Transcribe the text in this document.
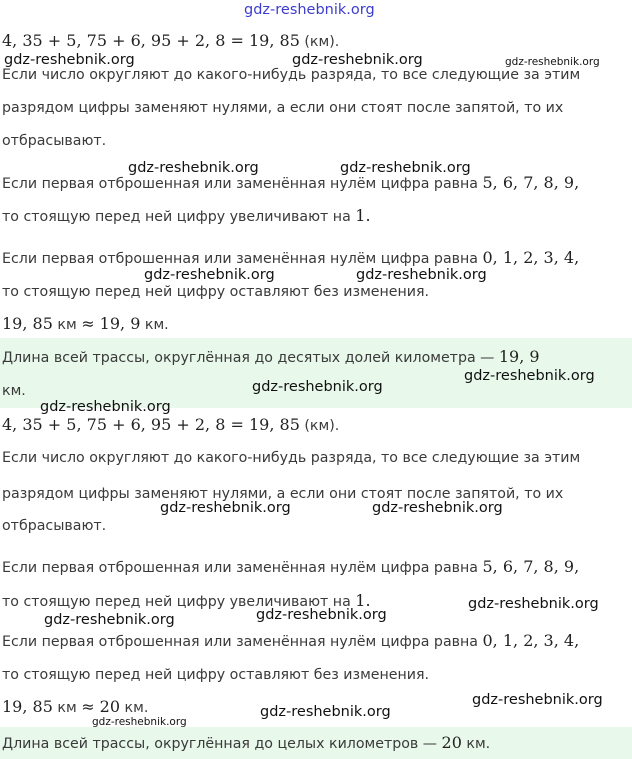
4, 35 + 5, 75 + 6, 95 + 2, 8 = 19, 85 (км).
Если число округляют до какого-нибудь разряда, то все следующие за этим
разрядом цифры заменяют нулями, а если они стоят после запятой, то их
отбрасывают.
Если первая отброшенная или заменённая нулём цифра равна 5, 6, 7, 8, 9,
то стоящую перед ней цифру увеличивают на 1.
Если первая отброшенная или заменённая нулём цифра равна 0, 1, 2, 3, 4,
то стоящую перед ней цифру оставляют без изменения.
19, 85 км ≈ 19, 9 км.
Длина всей трассы, округлённая до десятых долей километра — 19, 9
км.
4, 35 + 5, 75 + 6, 95 + 2, 8 = 19, 85 (км).
Если число округляют до какого-нибудь разряда, то все следующие за этим
разрядом цифры заменяют нулями, а если они стоят после запятой, то их
отбрасывают.
Если первая отброшенная или заменённая нулём цифра равна 5, 6, 7, 8, 9,
то стоящую перед ней цифру увеличивают на 1.
Если первая отброшенная или заменённая нулём цифра равна 0, 1, 2, 3, 4,
то стоящую перед ней цифру оставляют без изменения.
19, 85 км ≈ 20 км.
Длина всей трассы, округлённая до целых километров — 20 км.
gdz-reshebnik.org
gdz-reshebnik.org	gdz-reshebnik.org	gdz-reshebnik.org
gdz-reshebnik.org	gdz-reshebnik.org
gdz-reshebnik.org	gdz-reshebnik.org
gdz-reshebnik.org
gdz-reshebnik.org
gdz-reshebnik.org
gdz-reshebnik.org	gdz-reshebnik.org
gdz-reshebnik.org
gdz-reshebnik.org
gdz-reshebnik.org
gdz-reshebnik.org
gdz-reshebnik.org
gdz-reshebnik.org
